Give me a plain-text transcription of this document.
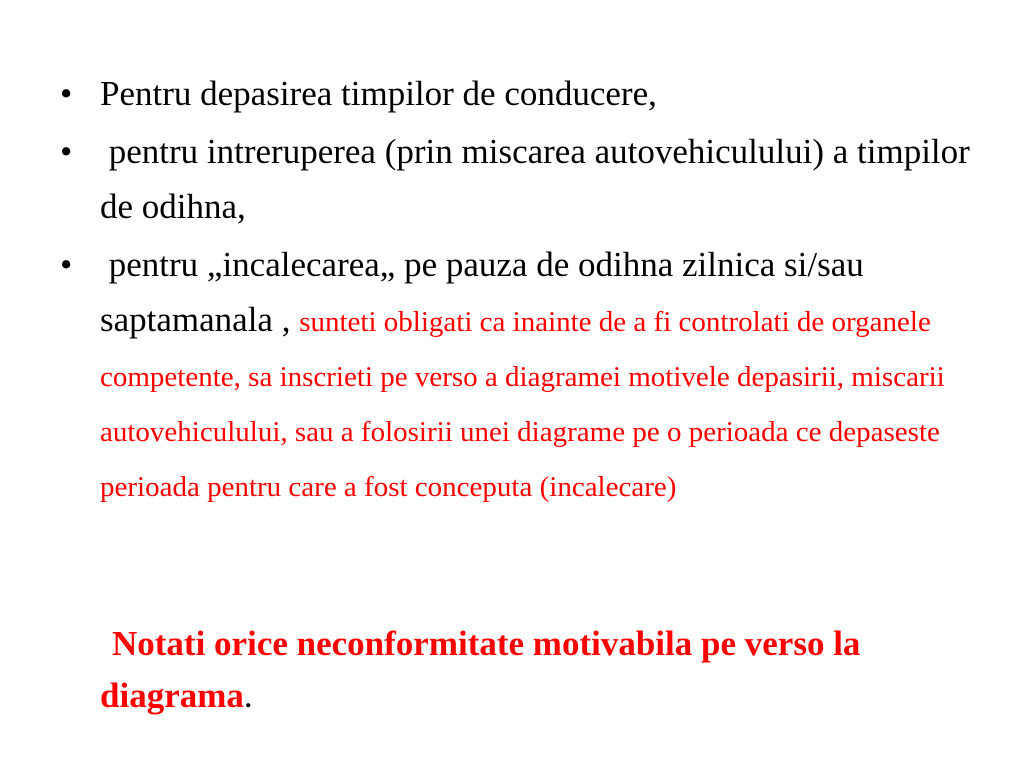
• Pentru depasirea timpilor de conducere,
• pentru intreruperea (prin miscarea autovehiculului) a timpilor de odihna,
• pentru „incalecarea„ pe pauza de odihna zilnica si/sau saptamanala , sunteti obligati ca inainte de a fi controlati de organele competente, sa inscrieti pe verso a diagramei motivele depasirii, miscarii autovehiculului, sau a folosirii unei diagrame pe o perioada ce depaseste perioada pentru care a fost conceputa (incalecare)
Notati orice neconformitate motivabila pe verso la diagrama.
